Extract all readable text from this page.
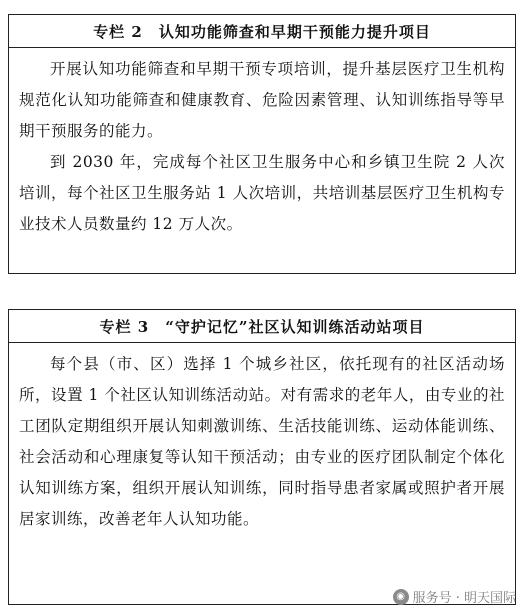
专栏 2　认知功能筛查和早期干预能力提升项目

开展认知功能筛查和早期干预专项培训，提升基层医疗卫生机构规范化认知功能筛查和健康教育、危险因素管理、认知训练指导等早期干预服务的能力。

到 2030 年，完成每个社区卫生服务中心和乡镇卫生院 2 人次培训，每个社区卫生服务站 1 人次培训，共培训基层医疗卫生机构专业技术人员数量约 12 万人次。

专栏 3　“守护记忆”社区认知训练活动站项目

每个县（市、区）选择 1 个城乡社区，依托现有的社区活动场所，设置 1 个社区认知训练活动站。对有需求的老年人，由专业的社工团队定期组织开展认知刺激训练、生活技能训练、运动体能训练、社会活动和心理康复等认知干预活动；由专业的医疗团队制定个体化认知训练方案，组织开展认知训练，同时指导患者家属或照护者开展居家训练，改善老年人认知功能。

◉ 服务号 · 明天国际
